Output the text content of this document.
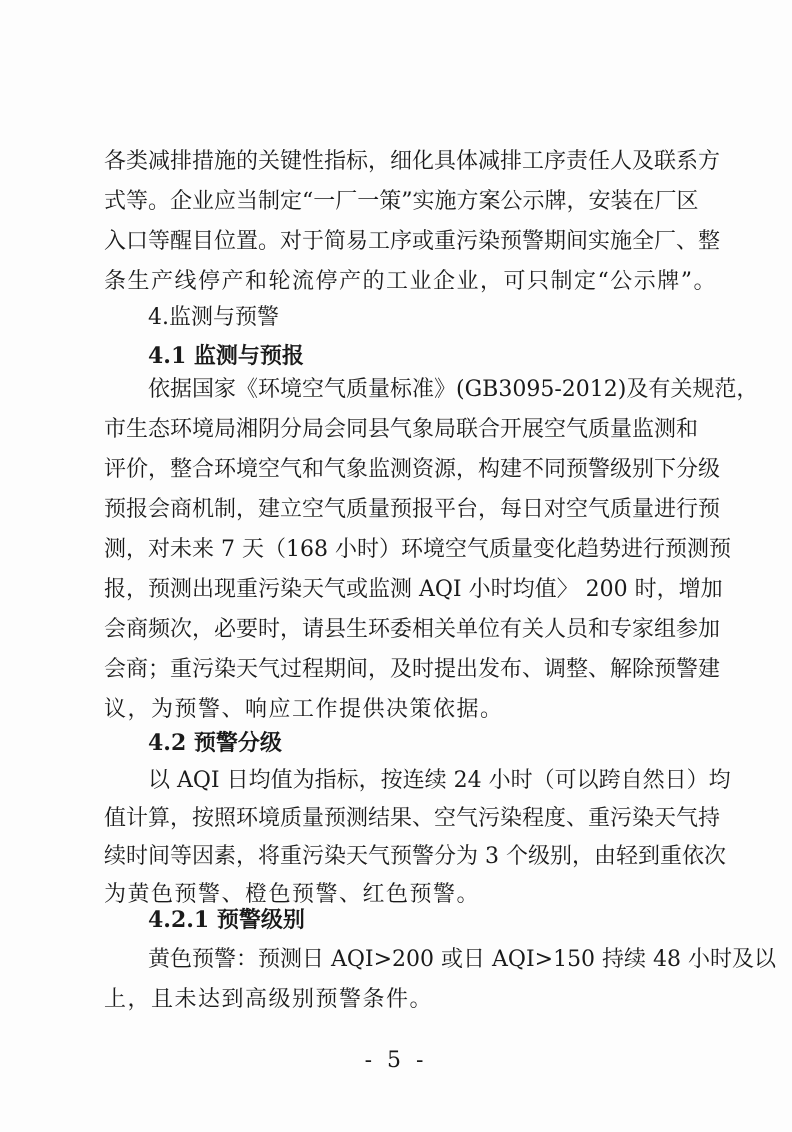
各类减排措施的关键性指标，细化具体减排工序责任人及联系方
式等。企业应当制定“一厂一策”实施方案公示牌，安装在厂区
入口等醒目位置。对于简易工序或重污染预警期间实施全厂、整
条生产线停产和轮流停产的工业企业，可只制定“公示牌”。
4.监测与预警
4.1 监测与预报
依据国家《环境空气质量标准》(GB3095-2012)及有关规范，
市生态环境局湘阴分局会同县气象局联合开展空气质量监测和
评价，整合环境空气和气象监测资源，构建不同预警级别下分级
预报会商机制，建立空气质量预报平台，每日对空气质量进行预
测，对未来 7 天（168 小时）环境空气质量变化趋势进行预测预
报，预测出现重污染天气或监测 AQI 小时均值〉 200 时，增加
会商频次，必要时，请县生环委相关单位有关人员和专家组参加
会商；重污染天气过程期间，及时提出发布、调整、解除预警建
议，为预警、响应工作提供决策依据。
4.2 预警分级
以 AQI 日均值为指标，按连续 24 小时（可以跨自然日）均
值计算，按照环境质量预测结果、空气污染程度、重污染天气持
续时间等因素，将重污染天气预警分为 3 个级别，由轻到重依次
为黄色预警、橙色预警、红色预警。
- 5 -
4.2.1 预警级别
黄色预警：预测日 AQI>200 或日 AQI>150 持续 48 小时及以
上，且未达到高级别预警条件。
